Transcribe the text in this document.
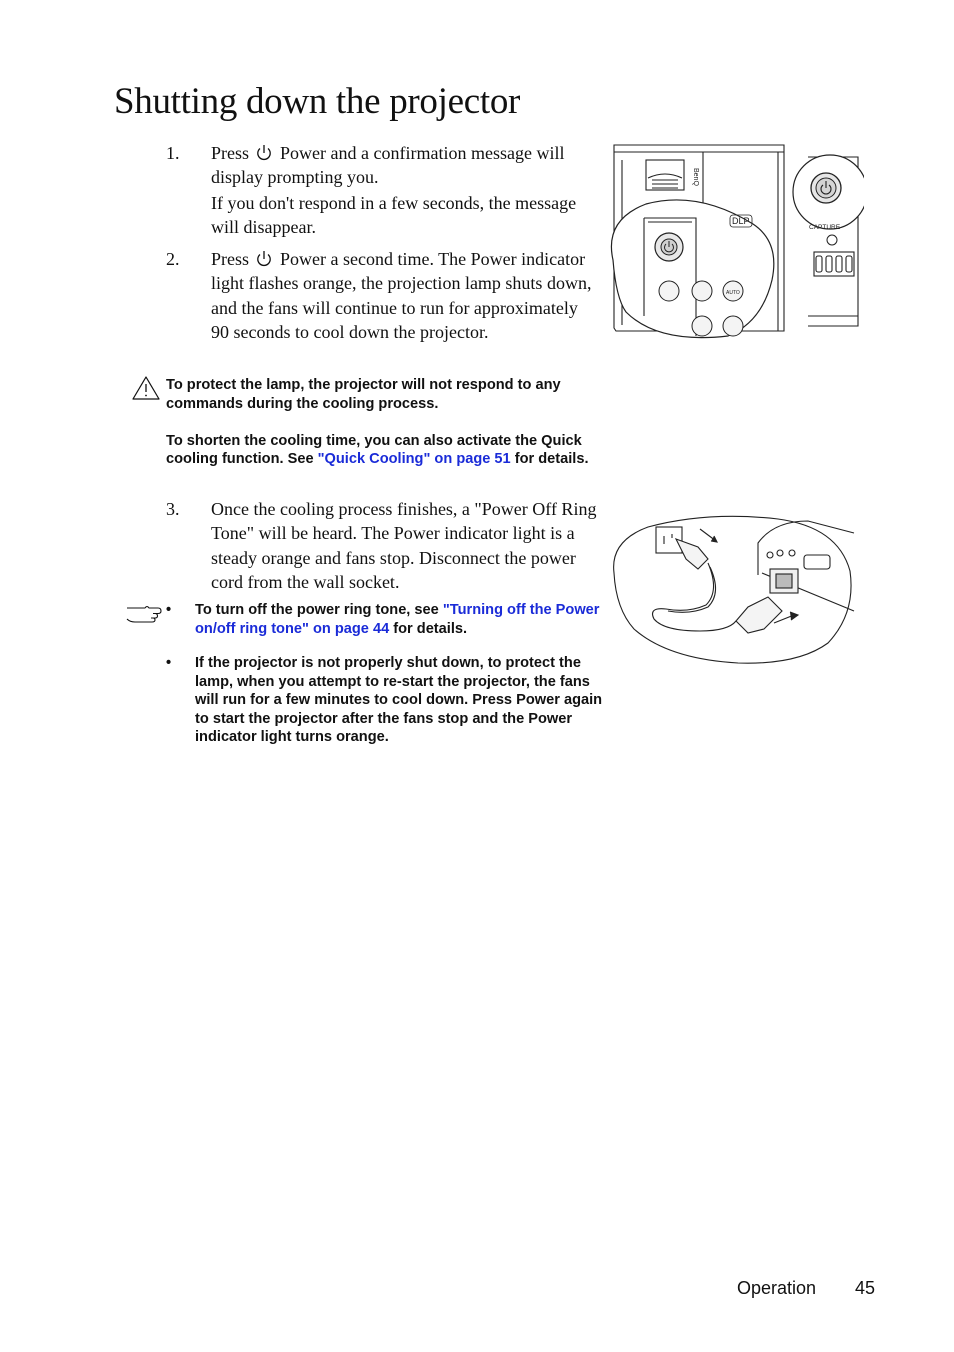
Shutting down the projector
1. Press Power and a confirmation message will display prompting you.

If you don't respond in a few seconds, the message will disappear.

2. Press Power a second time. The Power indicator light flashes orange, the projection lamp shuts down, and the fans will continue to run for approximately 90 seconds to cool down the projector.

To protect the lamp, the projector will not respond to any commands during the cooling process.
To shorten the cooling time, you can also activate the Quick cooling function. See "Quick Cooling" on page 51 for details.
3. Once the cooling process finishes, a "Power Off Ring Tone" will be heard. The Power indicator light is a steady orange and fans stop. Disconnect the power cord from the wall socket.

• To turn off the power ring tone, see "Turning off the Power on/off ring tone" on page 44 for details.
• If the projector is not properly shut down, to protect the lamp, when you attempt to re-start the projector, the fans will run for a few minutes to cool down. Press Power again to start the projector after the fans stop and the Power indicator light turns orange.
BenQ
AUTO
DLP
CAPTURE
Operation 45
